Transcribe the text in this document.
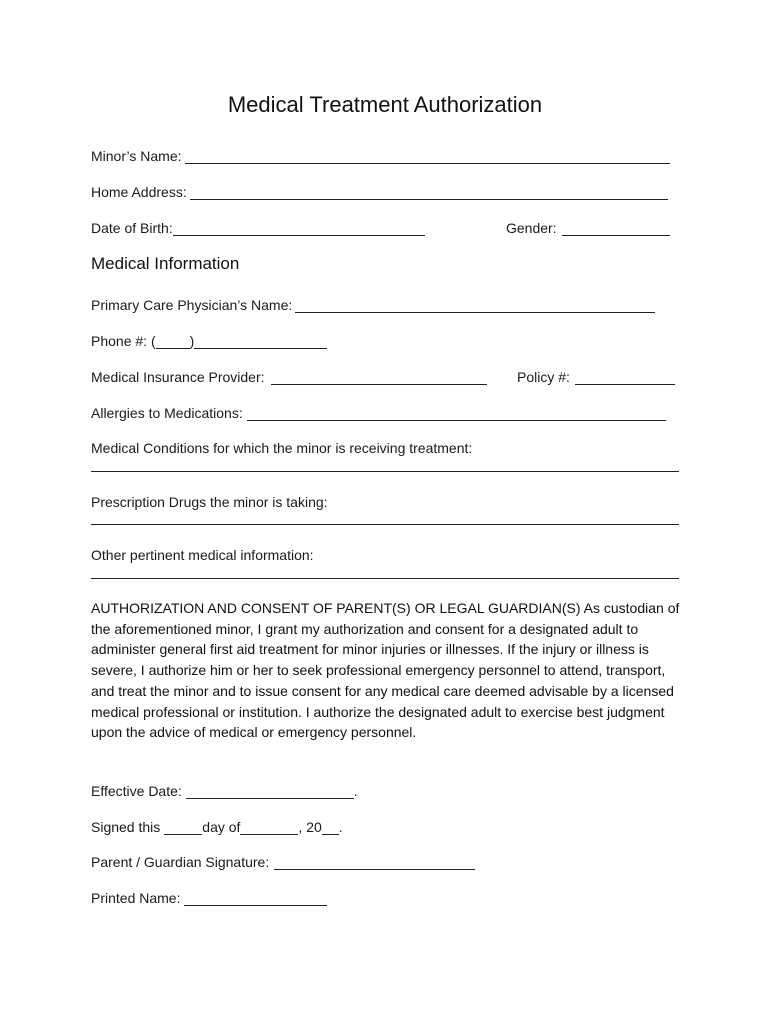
Medical Treatment Authorization
Minor’s Name:
Home Address:
Date of Birth:	Gender:
Medical Information
Primary Care Physician’s Name:
Phone #: ( )
Medical Insurance Provider:	Policy #:
Allergies to Medications:
Medical Conditions for which the minor is receiving treatment:
Prescription Drugs the minor is taking:
Other pertinent medical information:
AUTHORIZATION AND CONSENT OF PARENT(S) OR LEGAL GUARDIAN(S) As custodian of the aforementioned minor, I grant my authorization and consent for a designated adult to administer general first aid treatment for minor injuries or illnesses. If the injury or illness is severe, I authorize him or her to seek professional emergency personnel to attend, transport, and treat the minor and to issue consent for any medical care deemed advisable by a licensed medical professional or institution. I authorize the designated adult to exercise best judgment upon the advice of medical or emergency personnel.
Effective Date:	.
Signed this	day of	, 20 .
Parent / Guardian Signature:
Printed Name:
